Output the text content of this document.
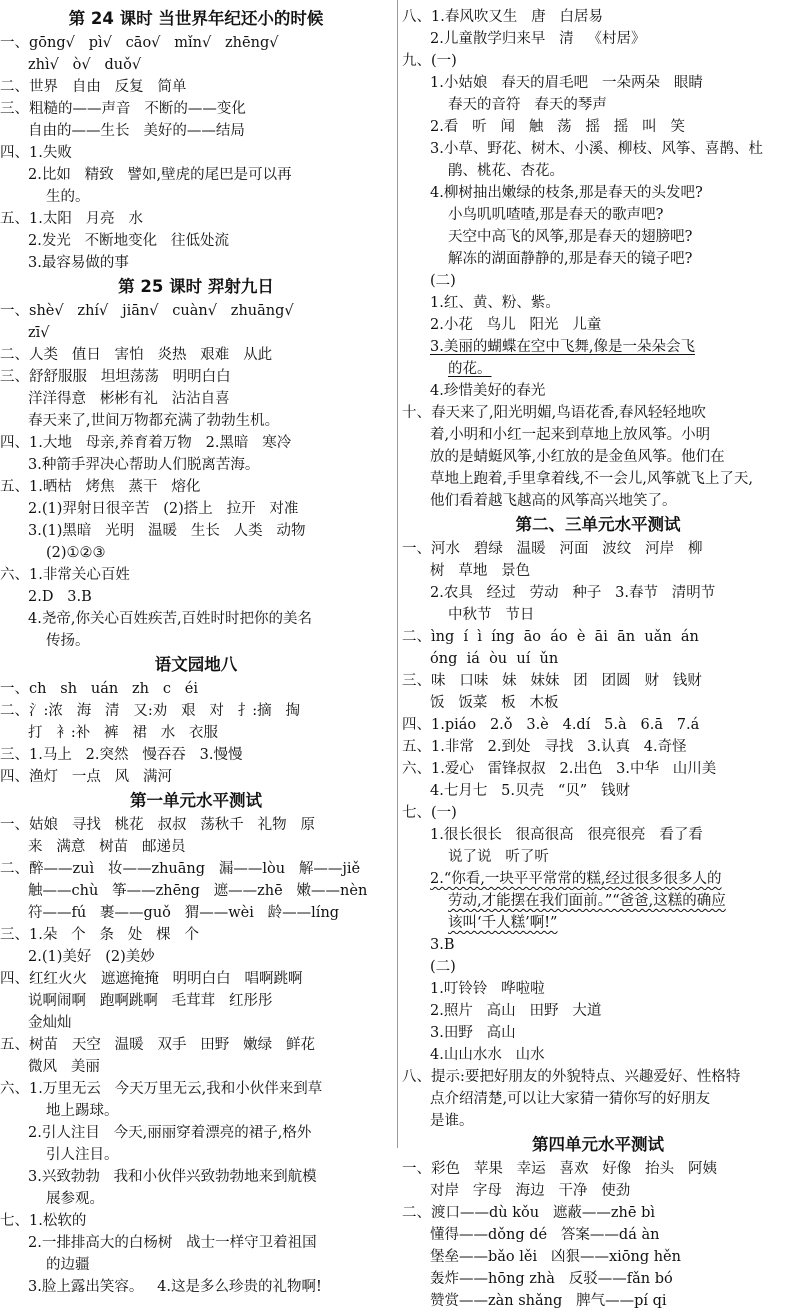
第 24 课时 当世界年纪还小的时候
一、gōng√   pì√   cāo√   mǐn√   zhēng√
zhì√   ò√   duǒ√
二、世界   自由   反复   简单
三、粗糙的——声音   不断的——变化
自由的——生长   美好的——结局
四、1.失败
2.比如   精致   譬如,壁虎的尾巴是可以再
生的。
五、1.太阳   月亮   水
2.发光   不断地变化   往低处流
3.最容易做的事
第 25 课时 羿射九日
一、shè√   zhí√   jiān√   cuàn√   zhuāng√
zī√
二、人类   值日   害怕   炎热   艰难   从此
三、舒舒服服   坦坦荡荡   明明白白
洋洋得意   彬彬有礼   沾沾自喜
春天来了,世间万物都充满了勃勃生机。
四、1.大地   母亲,养育着万物   2.黑暗   寒冷
3.种箭手羿决心帮助人们脱离苦海。
五、1.晒枯   烤焦   蒸干   熔化
2.(1)羿射日很辛苦   (2)搭上   拉开   对准
3.(1)黑暗   光明   温暖   生长   人类   动物
(2)①②③
六、1.非常关心百姓
2.D   3.B
4.尧帝,你关心百姓疾苦,百姓时时把你的美名
传扬。
语文园地八
一、ch   sh   uán   zh   c   éi
二、氵:浓   海   清   又:劝   艰   对   扌:摘   掏
打   衤:补   裤   裙   水   衣服
三、1.马上   2.突然   慢吞吞   3.慢慢
四、渔灯   一点   风   满河
第一单元水平测试
一、姑娘   寻找   桃花   叔叔   荡秋千   礼物   原
来   满意   树苗   邮递员
二、醉——zuì   妆——zhuāng   漏——lòu   解——jiě
触——chù   筝——zhēng   遮——zhē   嫩——nèn
符——fú   裹——guǒ   猬——wèi   龄——líng
三、1.朵   个   条   处   棵   个
2.(1)美好   (2)美妙
四、红红火火   遮遮掩掩   明明白白   唱啊跳啊
说啊闹啊   跑啊跳啊   毛茸茸   红彤彤
金灿灿
五、树苗   天空   温暖   双手   田野   嫩绿   鲜花
微风   美丽
六、1.万里无云   今天万里无云,我和小伙伴来到草
地上踢球。
2.引人注目   今天,丽丽穿着漂亮的裙子,格外
引人注目。
3.兴致勃勃   我和小伙伴兴致勃勃地来到航模
展参观。
七、1.松软的
2.一排排高大的白杨树   战士一样守卫着祖国
的边疆
3.脸上露出笑容。   4.这是多么珍贵的礼物啊!
八、1.春风吹又生   唐   白居易
2.儿童散学归来早   清   《村居》
九、(一)
1.小姑娘   春天的眉毛吧   一朵两朵   眼睛
春天的音符   春天的琴声
2.看   听   闻   触   荡   摇   摇   叫   笑
3.小草、野花、树木、小溪、柳枝、风筝、喜鹊、杜
鹃、桃花、杏花。
4.柳树抽出嫩绿的枝条,那是春天的头发吧?
小鸟叽叽喳喳,那是春天的歌声吧?
天空中高飞的风筝,那是春天的翅膀吧?
解冻的湖面静静的,那是春天的镜子吧?
(二)
1.红、黄、粉、紫。
2.小花   鸟儿   阳光   儿童
3.美丽的蝴蝶在空中飞舞,像是一朵朵会飞
的花。
4.珍惜美好的春光
十、春天来了,阳光明媚,鸟语花香,春风轻轻地吹
着,小明和小红一起来到草地上放风筝。小明
放的是蜻蜓风筝,小红放的是金鱼风筝。他们在
草地上跑着,手里拿着线,不一会儿,风筝就飞上了天,
他们看着越飞越高的风筝高兴地笑了。
第二、三单元水平测试
一、河水   碧绿   温暖   河面   波纹   河岸   柳
树   草地   景色
2.农具   经过   劳动   种子   3.春节   清明节
中秋节   节日
二、ìng  í  ì  íng  āo  áo  è  āi  ān  uǎn  án
óng  iá  òu  uí  ǔn
三、味   口味   妹   妹妹   团   团圆   财   钱财
饭   饭菜   板   木板
四、1.piáo   2.ǒ   3.è   4.dí   5.à   6.ā   7.á
五、1.非常   2.到处   寻找   3.认真   4.奇怪
六、1.爱心   雷锋叔叔   2.出色   3.中华   山川美
4.七月七   5.贝壳   “贝”   钱财
七、(一)
1.很长很长   很高很高   很亮很亮   看了看
说了说   听了听
2.“你看,一块平平常常的糕,经过很多很多人的
劳动,才能摆在我们面前。”“爸爸,这糕的确应
该叫‘千人糕’啊!”
3.B
(二)
1.叮铃铃   哗啦啦
2.照片   高山   田野   大道
3.田野   高山
4.山山水水   山水
八、提示:要把好朋友的外貌特点、兴趣爱好、性格特
点介绍清楚,可以让大家猜一猜你写的好朋友
是谁。
第四单元水平测试
一、彩色   苹果   幸运   喜欢   好像   抬头   阿姨
对岸   字母   海边   干净   使劲
二、渡口——dù kǒu   遮蔽——zhē bì
懂得——dǒng dé   答案——dá àn
堡垒——bǎo lěi   凶狠——xiōng hěn
轰炸——hōng zhà   反驳——fǎn bó
赞赏——zàn shǎng   脾气——pí qi
